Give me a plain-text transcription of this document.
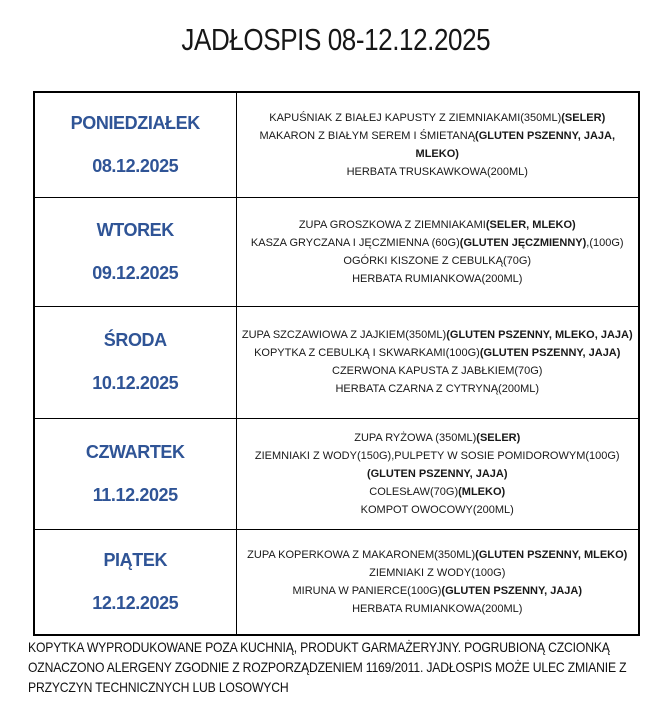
JADŁOSPIS 08-12.12.2025
PONIEDZIAŁEK
08.12.2025

KAPUŚNIAK Z BIAŁEJ KAPUSTY Z ZIEMNIAKAMI(350ML)(SELER)
MAKARON Z BIAŁYM SEREM I ŚMIETANĄ(GLUTEN PSZENNY, JAJA, MLEKO)
HERBATA TRUSKAWKOWA(200ML)

WTOREK
09.12.2025

ZUPA GROSZKOWA Z ZIEMNIAKAMI(SELER, MLEKO)
KASZA GRYCZANA I JĘCZMIENNA (60G)(GLUTEN JĘCZMIENNY),(100G)
OGÓRKI KISZONE Z CEBULKĄ(70G)
HERBATA RUMIANKOWA(200ML)

ŚRODA
10.12.2025

ZUPA SZCZAWIOWA Z JAJKIEM(350ML)(GLUTEN PSZENNY, MLEKO, JAJA)
KOPYTKA Z CEBULKĄ I SKWARKAMI(100G)(GLUTEN PSZENNY, JAJA)
CZERWONA KAPUSTA Z JABŁKIEM(70G)
HERBATA CZARNA Z CYTRYNĄ(200ML)

CZWARTEK
11.12.2025

ZUPA RYŻOWA (350ML)(SELER)
ZIEMNIAKI Z WODY(150G),PULPETY W SOSIE POMIDOROWYM(100G)(GLUTEN PSZENNY, JAJA)
COLESŁAW(70G)(MLEKO)
KOMPOT OWOCOWY(200ML)

PIĄTEK
12.12.2025

ZUPA KOPERKOWA Z MAKARONEM(350ML)(GLUTEN PSZENNY, MLEKO)
ZIEMNIAKI Z WODY(100G)
MIRUNA W PANIERCE(100G)(GLUTEN PSZENNY, JAJA)
HERBATA RUMIANKOWA(200ML)
KOPYTKA WYPRODUKOWANE POZA KUCHNIĄ, PRODUKT GARMAŻERYJNY. POGRUBIONĄ CZCIONKĄ OZNACZONO ALERGENY ZGODNIE Z ROZPORZĄDZENIEM 1169/2011. JADŁOSPIS MOŻE ULEC ZMIANIE Z PRZYCZYN TECHNICZNYCH LUB LOSOWYCH
